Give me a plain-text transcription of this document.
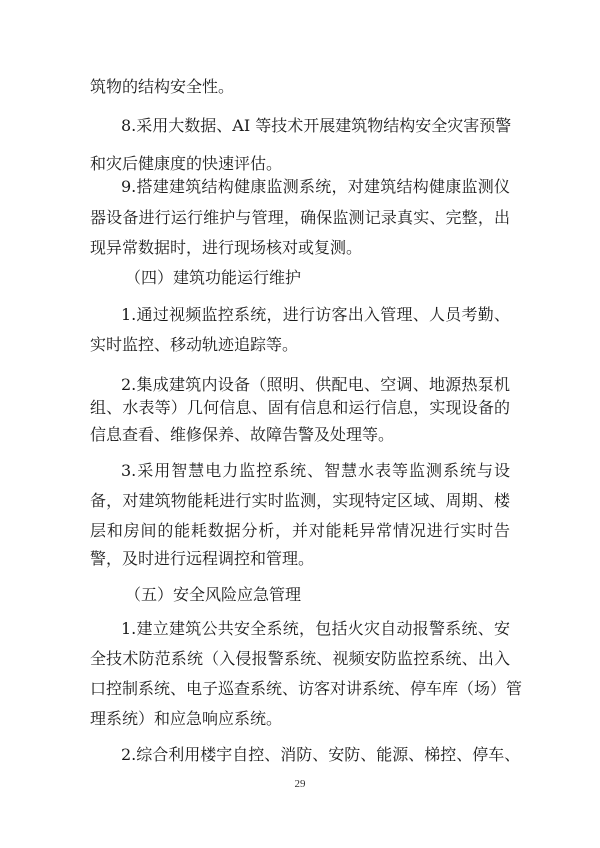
筑物的结构安全性。
8.采用大数据、AI 等技术开展建筑物结构安全灾害预警
和灾后健康度的快速评估。
9.搭建建筑结构健康监测系统，对建筑结构健康监测仪
器设备进行运行维护与管理，确保监测记录真实、完整，出
现异常数据时，进行现场核对或复测。
（四）建筑功能运行维护
1.通过视频监控系统，进行访客出入管理、人员考勤、
实时监控、移动轨迹追踪等。
2.集成建筑内设备（照明、供配电、空调、地源热泵机
组、水表等）几何信息、固有信息和运行信息，实现设备的
信息查看、维修保养、故障告警及处理等。
3.采用智慧电力监控系统、智慧水表等监测系统与设
备，对建筑物能耗进行实时监测，实现特定区域、周期、楼
层和房间的能耗数据分析，并对能耗异常情况进行实时告
警，及时进行远程调控和管理。
（五）安全风险应急管理
1.建立建筑公共安全系统，包括火灾自动报警系统、安
全技术防范系统（入侵报警系统、视频安防监控系统、出入
口控制系统、电子巡查系统、访客对讲系统、停车库（场）管
理系统）和应急响应系统。
2.综合利用楼宇自控、消防、安防、能源、梯控、停车、
29
